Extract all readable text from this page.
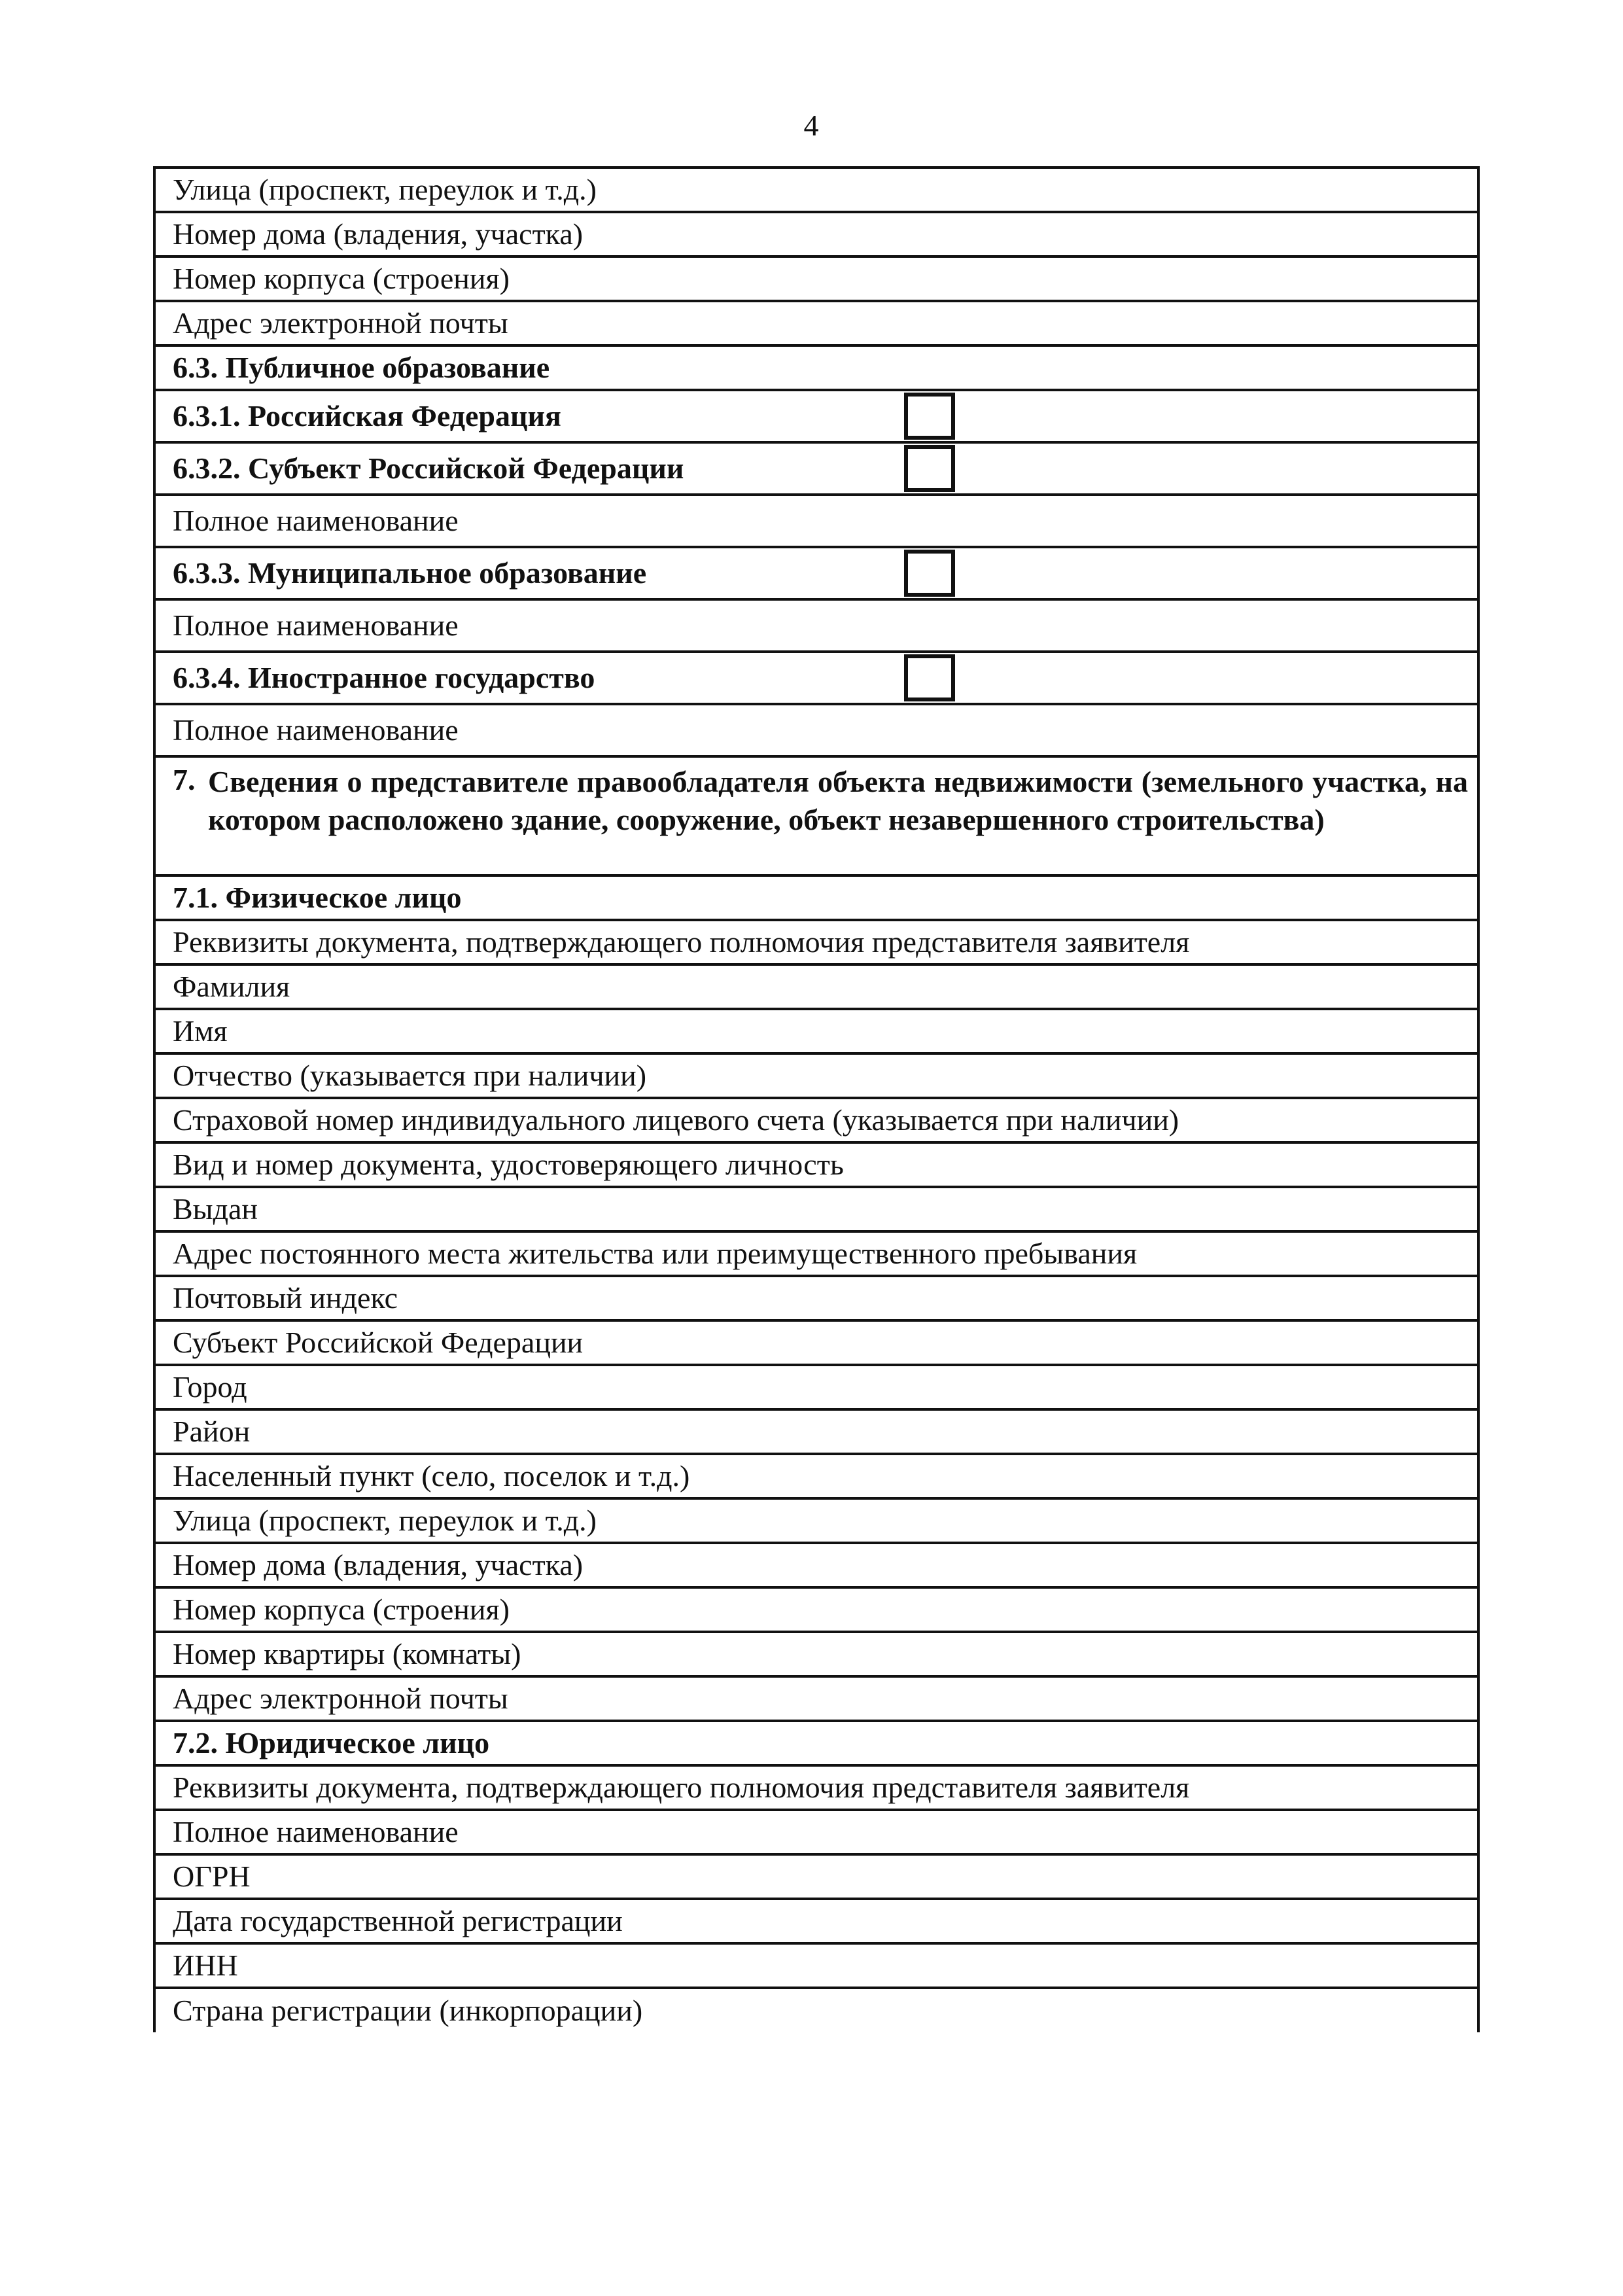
4
Улица (проспект, переулок и т.д.)
Номер дома (владения, участка)
Номер корпуса (строения)
Адрес электронной почты
6.3. Публичное образование

6.3.1. Российская Федерация

6.3.2. Субъект Российской Федерации

Полное наименование

6.3.3. Муниципальное образование

Полное наименование

6.3.4. Иностранное государство

Полное наименование

7. Сведения о представителе правообладателя объекта недвижимости (земельного участка, на котором расположено здание, сооружение, объект незавершенного строительства)

7.1. Физическое лицо
Реквизиты документа, подтверждающего полномочия представителя заявителя
Фамилия
Имя
Отчество (указывается при наличии)
Страховой номер индивидуального лицевого счета (указывается при наличии)
Вид и номер документа, удостоверяющего личность
Выдан
Адрес постоянного места жительства или преимущественного пребывания
Почтовый индекс
Субъект Российской Федерации
Город
Район
Населенный пункт (село, поселок и т.д.)
Улица (проспект, переулок и т.д.)
Номер дома (владения, участка)
Номер корпуса (строения)
Номер квартиры (комнаты)
Адрес электронной почты
7.2. Юридическое лицо
Реквизиты документа, подтверждающего полномочия представителя заявителя
Полное наименование
ОГРН
Дата государственной регистрации
ИНН
Страна регистрации (инкорпорации)
